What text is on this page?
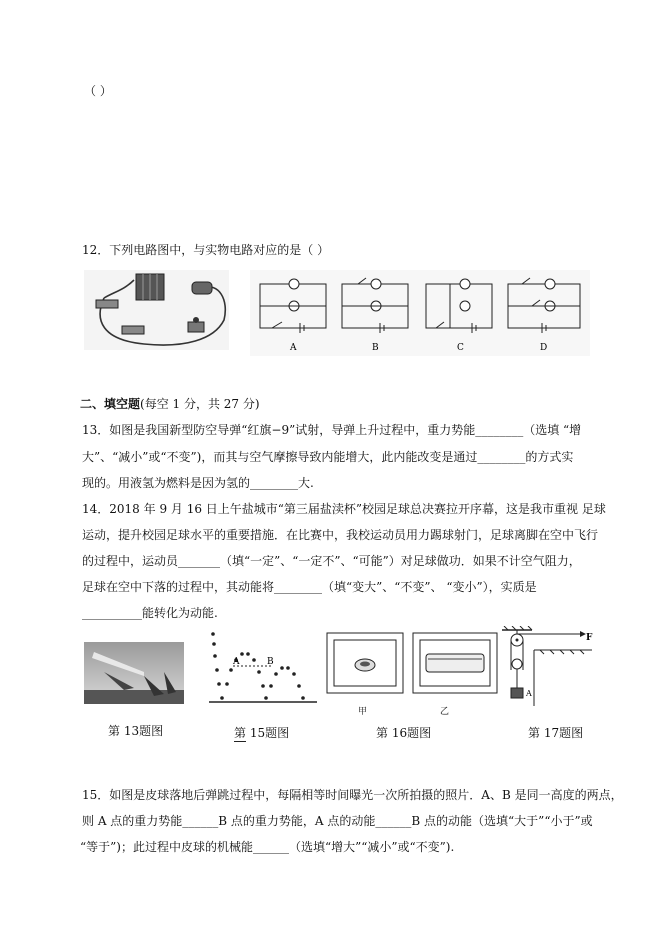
（ ）
12．下列电路图中，与实物电路对应的是（ ）
A	B	C	D
二、填空题(每空 1 分，共 27 分)
13．如图是我国新型防空导弹“红旗−9”试射，导弹上升过程中，重力势能________（选填 “增
大”、“减小”或“不变”)，而其与空气摩擦导致内能增大，此内能改变是通过________的方式实
现的。用液氢为燃料是因为氢的________大.
14．2018 年 9 月 16 日上午盐城市“第三届盐渎杯”校园足球总决赛拉开序幕，这是我市重视 足球
运动，提升校园足球水平的重要措施．在比赛中，我校运动员用力踢球射门，足球离脚在空中飞行
的过程中，运动员_______（填“一定”、“一定不”、“可能”）对足球做功．如果不计空气阻力，
足球在空中下落的过程中，其动能将________（填“变大”、“不变”、 “变小”），实质是
__________能转化为动能.
第 13题图
A	B
第 15题图
甲	乙
第 16题图
F
A
第 17题图
15．如图是皮球落地后弹跳过程中，每隔相等时间曝光一次所拍摄的照片．A、B 是同一高度的两点，
则 A 点的重力势能______B 点的重力势能，A 点的动能______B 点的动能（选填“大于”“小于”或
“等于”)；此过程中皮球的机械能______（选填“增大”“减小”或“不变”).
